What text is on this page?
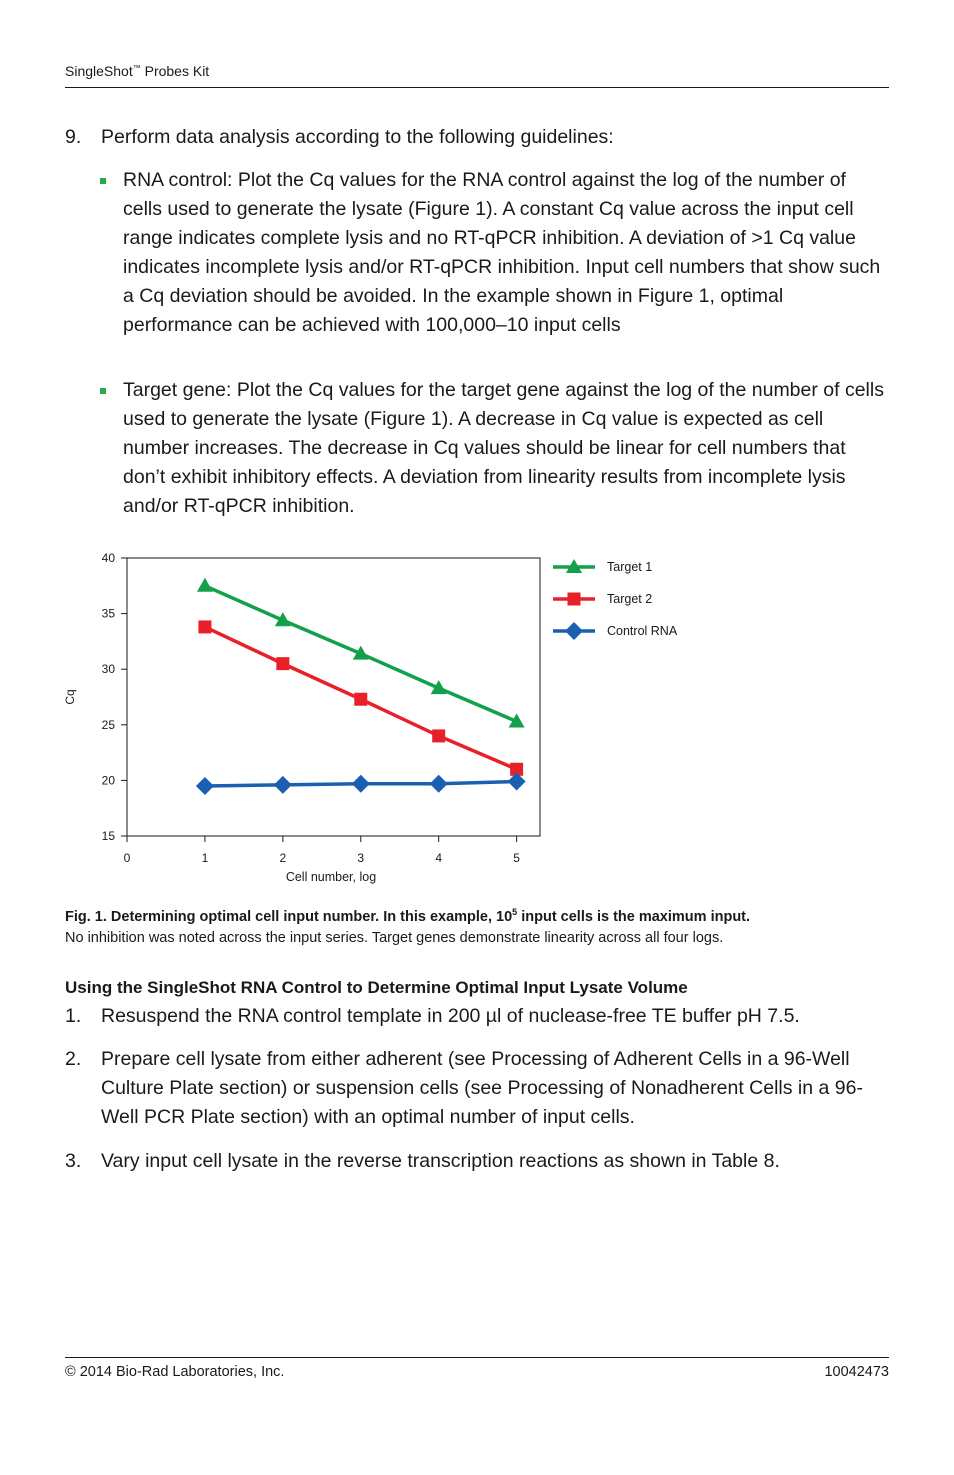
SingleShot™ Probes Kit
9. Perform data analysis according to the following guidelines:
RNA control: Plot the Cq values for the RNA control against the log of the number of cells used to generate the lysate (Figure 1). A constant Cq value across the input cell range indicates complete lysis and no RT-qPCR inhibition. A deviation of >1 Cq value indicates incomplete lysis and/or RT-qPCR inhibition. Input cell numbers that show such a Cq deviation should be avoided. In the example shown in Figure 1, optimal performance can be achieved with 100,000–10 input cells
Target gene: Plot the Cq values for the target gene against the log of the number of cells used to generate the lysate (Figure 1). A decrease in Cq value is expected as cell number increases. The decrease in Cq values should be linear for cell numbers that don’t exhibit inhibitory effects. A deviation from linearity results from incomplete lysis and/or RT-qPCR inhibition.
40
35
30
25
20
15
0	1	2	3	4	5
Cq
Cell number, log
Target 1
Target 2
Control RNA
Fig. 1. Determining optimal cell input number. In this example, $10^5$ input cells is the maximum input.
No inhibition was noted across the input series. Target genes demonstrate linearity across all four logs.
Using the SingleShot RNA Control to Determine Optimal Input Lysate Volume
1. Resuspend the RNA control template in 200 µl of nuclease-free TE buffer pH 7.5.
2. Prepare cell lysate from either adherent (see Processing of Adherent Cells in a 96-Well Culture Plate section) or suspension cells (see Processing of Nonadherent Cells in a 96-Well PCR Plate section) with an optimal number of input cells.
3. Vary input cell lysate in the reverse transcription reactions as shown in Table 8.
© 2014 Bio-Rad Laboratories, Inc.	10042473
